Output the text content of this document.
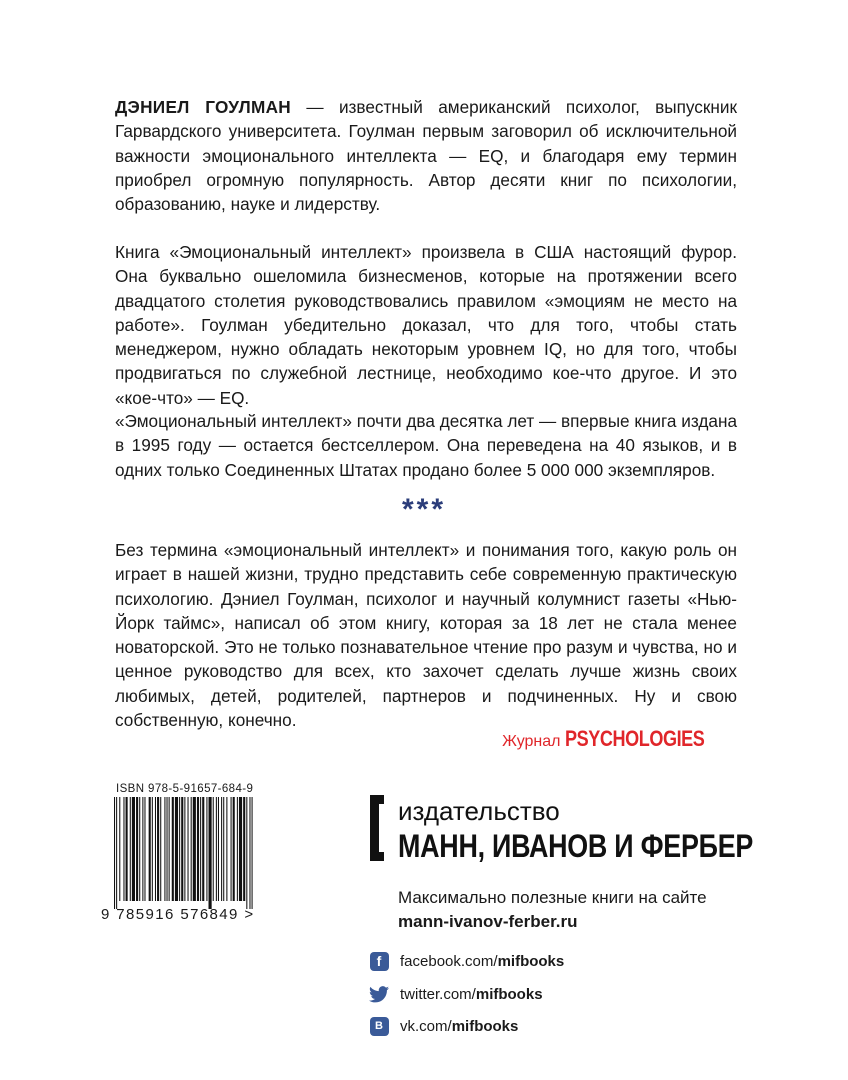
ДЭНИЕЛ ГОУЛМАН — известный американский психолог, выпускник Гарвардского университета. Гоулман первым заговорил об исключительной важности эмоционального интеллекта — EQ, и благодаря ему термин приобрел огромную популярность. Автор десяти книг по психологии, образованию, науке и лидерству.

Книга «Эмоциональный интеллект» произвела в США настоящий фурор. Она буквально ошеломила бизнесменов, которые на протяжении всего двадцатого столетия руководствовались правилом «эмоциям не место на работе». Гоулман убедительно доказал, что для того, чтобы стать менеджером, нужно обладать некоторым уровнем IQ, но для того, чтобы продвигаться по служебной лестнице, необходимо кое-что другое. И это «кое-что» — EQ.

«Эмоциональный интеллект» почти два десятка лет — впервые книга издана в 1995 году — остается бестселлером. Она переведена на 40 языков, и в одних только Соединенных Штатах продано более 5 000 000 экземпляров.

***

Без термина «эмоциональный интеллект» и понимания того, какую роль он играет в нашей жизни, трудно представить себе современную практическую психологию. Дэниел Гоулман, психолог и научный колумнист газеты «Нью-Йорк таймс», написал об этом книгу, которая за 18 лет не стала менее новаторской. Это не только познавательное чтение про разум и чувства, но и ценное руководство для всех, кто захочет сделать лучше жизнь своих любимых, детей, родителей, партнеров и подчиненных. Ну и свою собственную, конечно.

Журнал PSYCHOLOGIES
ISBN 978-5-91657-684-9
9 785916 576849 >
издательство
МАНН, ИВАНОВ И ФЕРБЕР
Максимально полезные книги на сайте
mann-ivanov-ferber.ru
f	facebook.com/ mifbooks
twitter.com/ mifbooks
B	vk.com/ mifbooks
